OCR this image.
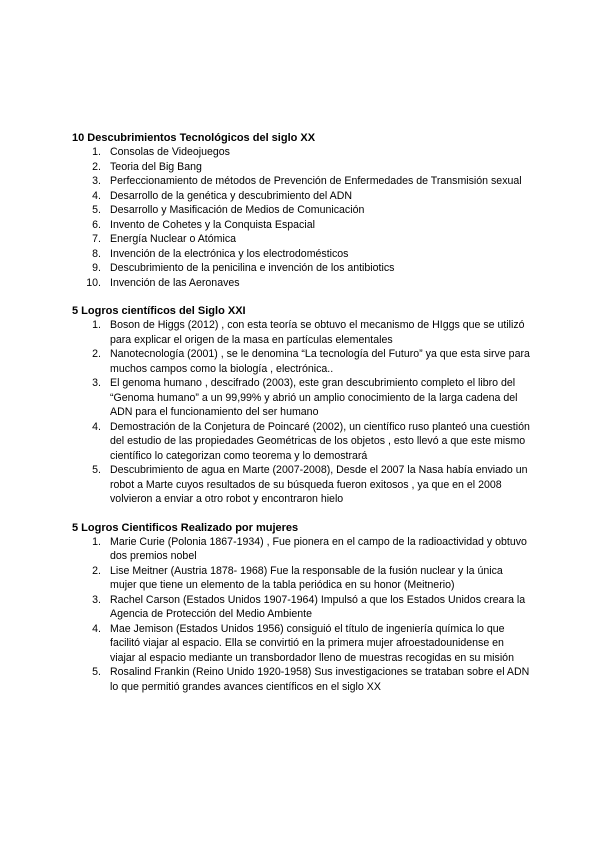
10 Descubrimientos Tecnológicos del siglo XX

1. Consolas de Videojuegos
2. Teoria del Big Bang
3. Perfeccionamiento de métodos de Prevención de Enfermedades de Transmisión sexual
4. Desarrollo de la genética y descubrimiento del ADN
5. Desarrollo y Masificación de Medios de Comunicación
6. Invento de Cohetes y la Conquista Espacial
7. Energía Nuclear o Atómica
8. Invención de la electrónica y los electrodomésticos
9. Descubrimiento de la penicilina e invención de los antibiotics
10. Invención de las Aeronaves

5 Logros científicos del Siglo XXI

1. Boson de Higgs (2012) , con esta teoría se obtuvo el mecanismo de HIggs que se utilizó para explicar el origen de la masa en partículas elementales
2. Nanotecnología (2001) , se le denomina “La tecnología del Futuro” ya que esta sirve para muchos campos como la biología , electrónica..
3. El genoma humano , descifrado (2003), este gran descubrimiento completo el libro del “Genoma humano” a un 99,99% y abrió un amplio conocimiento de la larga cadena del ADN para el funcionamiento del ser humano
4. Demostración de la Conjetura de Poincaré (2002), un científico ruso planteó una cuestión del estudio de las propiedades Geométricas de los objetos , esto llevó a que este mismo científico lo categorizan como teorema y lo demostrará
5. Descubrimiento de agua en Marte (2007-2008), Desde el 2007 la Nasa había enviado un robot a Marte cuyos resultados de su búsqueda fueron exitosos , ya que en el 2008 volvieron a enviar a otro robot y encontraron hielo

5 Logros Cientificos Realizado por mujeres

1. Marie Curie (Polonia 1867-1934) , Fue pionera en el campo de la radioactividad y obtuvo dos premios nobel
2. Lise Meitner (Austria 1878- 1968) Fue la responsable de la fusión nuclear y la única mujer que tiene un elemento de la tabla periódica en su honor (Meitnerio)
3. Rachel Carson (Estados Unidos 1907-1964) Impulsó a que los Estados Unidos creara la Agencia de Protección del Medio Ambiente
4. Mae Jemison (Estados Unidos 1956) consiguió el título de ingeniería química lo que facilitó viajar al espacio. Ella se convirtió en la primera mujer afroestadounidense en viajar al espacio mediante un transbordador lleno de muestras recogidas en su misión
5. Rosalind Frankin (Reino Unido 1920-1958) Sus investigaciones se trataban sobre el ADN lo que permitió grandes avances científicos en el siglo XX
